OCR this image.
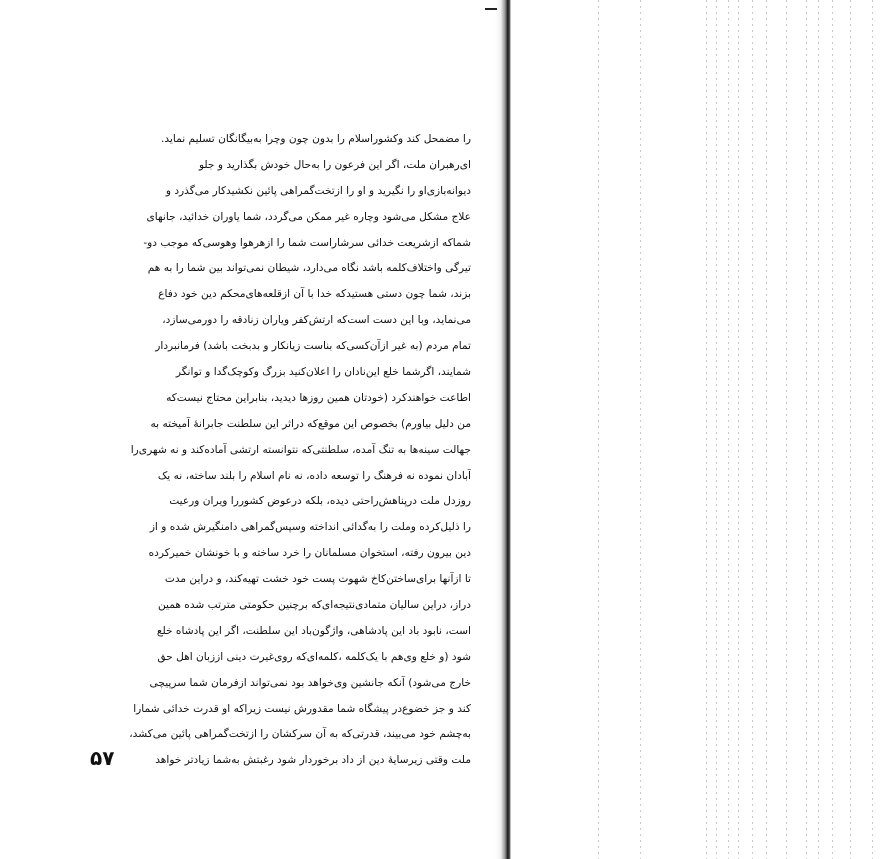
را مضمحل کند وکشوراسلام را بدون چون وچرا به‌بیگانگان تسلیم نماید.
ای‌رهبران ملت، اگر این فرعون را به‌حال خودش بگذارید و جلو
دیوانه‌بازی‌او را نگیرید و او را ازتخت‌گمراهی پائین نکشید‌کار می‌گذرد و
علاج مشکل می‌شود وچاره غیر ممکن می‌گردد، شما یاوران خدائید، جانهای
شماکه ازشریعت خدائی سرشاراست شما را ازهرهوا وهوسی‌که موجب دو-
تیرگی واختلاف‌کلمه باشد نگاه می‌دارد، شیطان نمی‌تواند بین شما را به هم
بزند، شما چون دستی هستید‌که خدا با آن ازقلعه‌های‌محکم دین خود دفاع
می‌نماید، وبا این دست است‌که ارتش‌کفر و‌یاران زنادقه را دورمی‌سازد،
تمام مردم (به غیر ازآن‌کسی‌که بناست زیانکار و بدبخت باشد) فرمانبر‌دار
شمایند، اگرشما خلع این‌نادان را اعلان‌کنید بزرگ وکوچک‌گدا و توانگر
اطاعت خواهند‌کرد (خودتان همین روزها دیدید، بنابراین محتاج نیست‌که
من دلیل بیاورم) بخصوص این موقع‌که دراثر این سلطنت جابرانهٔ آمیخته به
جهالت سینه‌ها به تنگ آمده، سلطنتی‌که نتوانسته ارتشی آماده‌کند و نه شهری‌را
آبادان نموده نه فرهنگ را توسعه داده، نه نام اسلام را بلند ساخته، نه یک
روزدل ملت درپناهش‌راحتی دیده، بلکه درعوض کشوررا ویران ورعیت
را ذلیل‌کرده وملت را به‌گدائی انداخته وسپس‌گمراهی دامنگیرش شده و از
دین بیرون رفته، استخوان مسلمانان را خرد ساخته و با خونشان خمیرکرده
تا ازآنها برای‌ساختن‌کاخ شهوت پست خود خشت تهیه‌کند، و دراین مدت
دراز، دراین سالیان متمادی‌نتیجه‌ای‌که برچنین حکومتی مترتب شده همین
است، نابود باد این پادشاهی، واژگون‌باد این سلطنت، اگر این پادشاه خلع
شود (و خلع وی‌هم با یک‌کلمه ،کلمه‌ای‌که روی‌غیرت دینی اززبان اهل حق
خارج می‌شود) آنکه جانشین وی‌خواهد بود نمی‌تواند ازفرمان شما سرپیچی
کند و جز خضوع‌در پیشگاه شما مقدورش نیست زیراکه او قدرت خدائی شمارا
به‌چشم خود می‌بیند، قدرتی‌که به آن سرکشان را ازتخت‌گمراهی پائین می‌کشد،
ملت وقتی زیرسایهٔ دین از داد برخوردار شود رغبتش به‌شما زیادتر خواهد
۵۷
